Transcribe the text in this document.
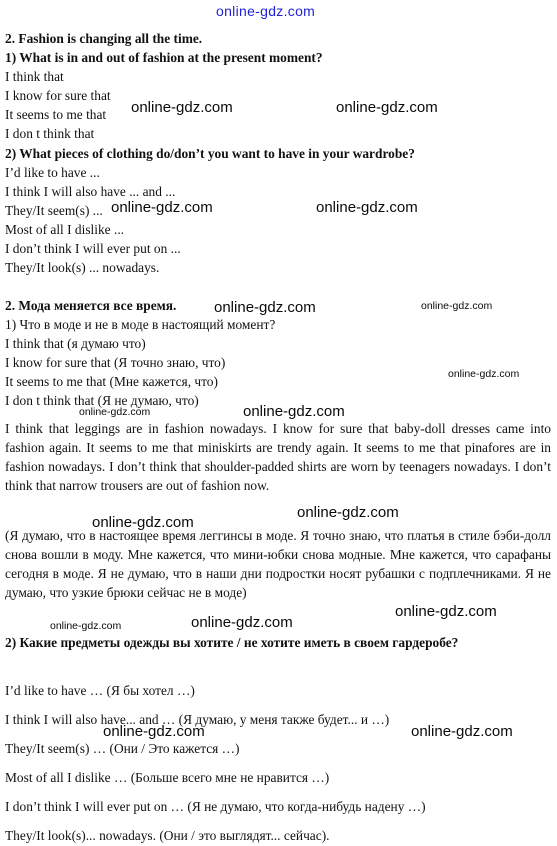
online-gdz.com
2. Fashion is changing all the time.
1) What is in and out of fashion at the present moment?
I think that
I know for sure that
It seems to me that
I don t think that
2) What pieces of clothing do/don’t you want to have in your wardrobe?
I’d like to have ...
I think I will also have ... and ...
They/It seem(s) ...
Most of all I dislike ...
I don’t think I will ever put on ...
They/It look(s) ... nowadays.
2. Мода меняется все время.
1) Что в моде и не в моде в настоящий момент?
I think that (я думаю что)
I know for sure that (Я точно знаю, что)
It seems to me that (Мне кажется, что)
I don t think that (Я не думаю, что)
I think that leggings are in fashion nowadays. I know for sure that baby-doll dresses came into fashion again. It seems to me that miniskirts are trendy again. It seems to me that pinafores are in fashion nowadays. I don’t think that shoulder-padded shirts are worn by teenagers nowadays. I don’t think that narrow trousers are out of fashion now.
(Я думаю, что в настоящее время леггинсы в моде. Я точно знаю, что платья в стиле бэби-долл снова вошли в моду. Мне кажется, что мини-юбки снова модные. Мне кажется, что сарафаны сегодня в моде. Я не думаю, что в наши дни подростки носят рубашки с подплечниками. Я не думаю, что узкие брюки сейчас не в моде)
2) Какие предметы одежды вы хотите / не хотите иметь в своем гардеробе?
I’d like to have … (Я бы хотел …)
I think I will also have... and … (Я думаю, у меня также будет... и …)
They/It seem(s) … (Они / Это кажется …)
Most of all I dislike … (Больше всего мне не нравится …)
I don’t think I will ever put on … (Я не думаю, что когда-нибудь надену …)
They/It look(s)... nowadays. (Они / это выглядят... сейчас).
online-gdz.com	online-gdz.com
online-gdz.com	online-gdz.com
online-gdz.com	online-gdz.com
online-gdz.com
online-gdz.com
online-gdz.com
online-gdz.com
online-gdz.com
online-gdz.com
online-gdz.com
online-gdz.com
online-gdz.com	online-gdz.com
